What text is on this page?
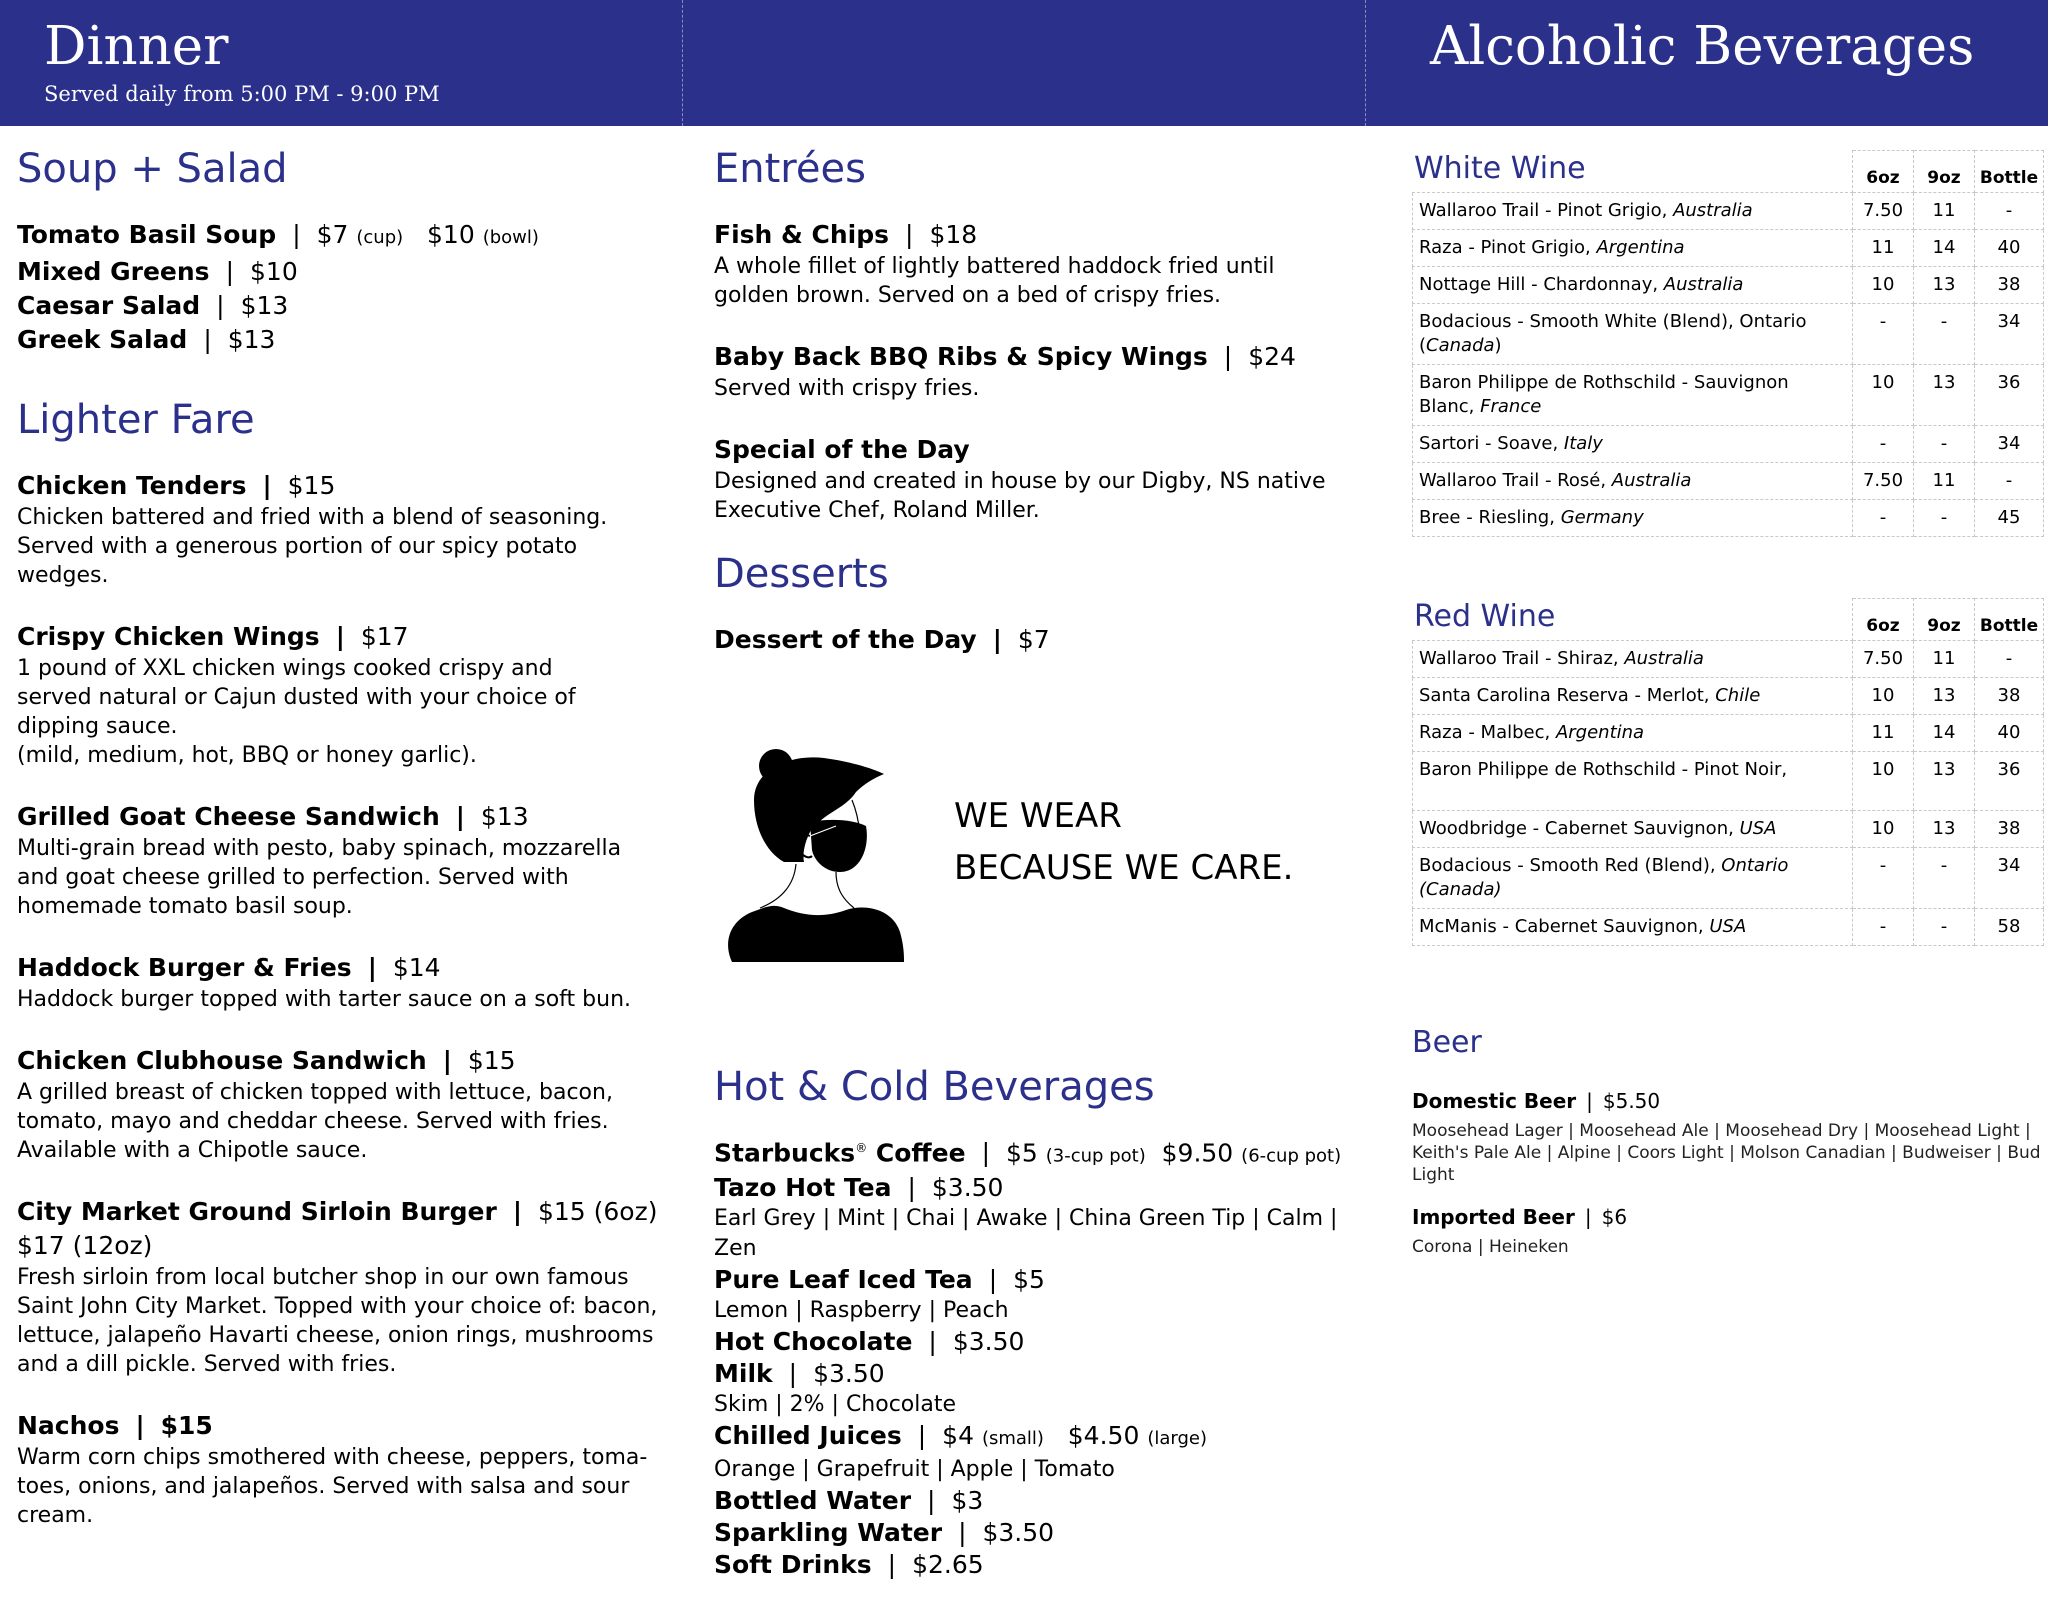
Dinner
Served daily from 5:00 PM - 9:00 PM
Alcoholic Beverages
Soup + Salad
Tomato Basil Soup | $7 (cup) $10 (bowl)
Mixed Greens | $10
Caesar Salad | $13
Greek Salad | $13
Lighter Fare
Chicken Tenders | $15
Chicken battered and fried with a blend of seasoning.
Served with a generous portion of our spicy potato
wedges.
Crispy Chicken Wings | $17
1 pound of XXL chicken wings cooked crispy and
served natural or Cajun dusted with your choice of
dipping sauce.
(mild, medium, hot, BBQ or honey garlic).
Grilled Goat Cheese Sandwich | $13
Multi-grain bread with pesto, baby spinach, mozzarella
and goat cheese grilled to perfection. Served with
homemade tomato basil soup.
Haddock Burger & Fries | $14
Haddock burger topped with tarter sauce on a soft bun.
Chicken Clubhouse Sandwich | $15
A grilled breast of chicken topped with lettuce, bacon,
tomato, mayo and cheddar cheese. Served with fries.
Available with a Chipotle sauce.
City Market Ground Sirloin Burger | $15 (6oz)
$17 (12oz)
Fresh sirloin from local butcher shop in our own famous
Saint John City Market. Topped with your choice of: bacon,
lettuce, jalapeño Havarti cheese, onion rings, mushrooms
and a dill pickle. Served with fries.
Nachos | $15
Warm corn chips smothered with cheese, peppers, toma-
toes, onions, and jalapeños. Served with salsa and sour
cream.
Entrées
Fish & Chips | $18
A whole fillet of lightly battered haddock fried until
golden brown. Served on a bed of crispy fries.
Baby Back BBQ Ribs & Spicy Wings | $24
Served with crispy fries.
Special of the Day
Designed and created in house by our Digby, NS native
Executive Chef, Roland Miller.
Desserts
Dessert of the Day | $7
WE WEAR
BECAUSE WE CARE.
Hot & Cold Beverages
Starbucks® Coffee | $5 (3-cup pot) $9.50 (6-cup pot)
Tazo Hot Tea | $3.50
Earl Grey | Mint | Chai | Awake | China Green Tip | Calm | Zen
Pure Leaf Iced Tea | $5
Lemon | Raspberry | Peach
Hot Chocolate | $3.50
Milk | $3.50
Skim | 2% | Chocolate
Chilled Juices | $4 (small) $4.50 (large)
Orange | Grapefruit | Apple | Tomato
Bottled Water | $3
Sparkling Water | $3.50
Soft Drinks | $2.65
White Wine
		6oz	9oz	Bottle
Wallaroo Trail - Pinot Grigio, Australia	7.50	11	-
Raza - Pinot Grigio, Argentina	11	14	40
Nottage Hill - Chardonnay, Australia	10	13	38
Bodacious - Smooth White (Blend), Ontario (Canada)	-	-	34
Baron Philippe de Rothschild - Sauvignon Blanc, France	10	13	36
Sartori - Soave, Italy	-	-	34
Wallaroo Trail - Rosé, Australia	7.50	11	-
Bree - Riesling, Germany	-	-	45
Red Wine
		6oz	9oz	Bottle
Wallaroo Trail - Shiraz, Australia	7.50	11	-
Santa Carolina Reserva - Merlot, Chile	10	13	38
Raza - Malbec, Argentina	11	14	40
Baron Philippe de Rothschild - Pinot Noir,	10	13	36
Woodbridge - Cabernet Sauvignon, USA	10	13	38
Bodacious - Smooth Red (Blend), Ontario (Canada)	-	-	34
McManis - Cabernet Sauvignon, USA	-	-	58
Beer
Domestic Beer | $5.50
Moosehead Lager | Moosehead Ale | Moosehead Dry | Moosehead Light | Keith's Pale Ale | Alpine | Coors Light | Molson Canadian | Budweiser | Bud Light
Imported Beer | $6
Corona | Heineken
